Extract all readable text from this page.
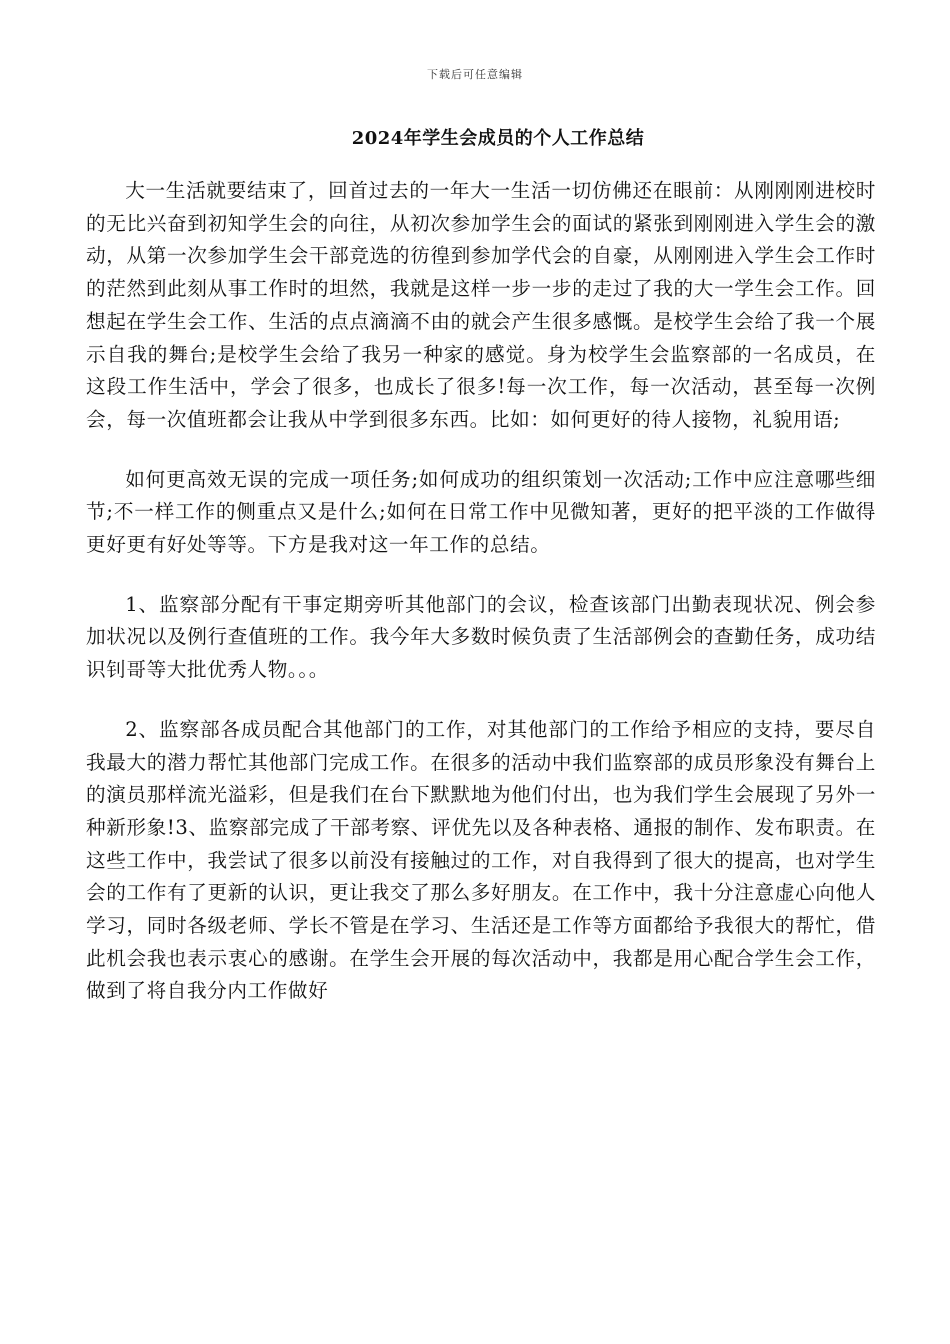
下载后可任意编辑
2024年学生会成员的个人工作总结

大一生活就要结束了，回首过去的一年大一生活一切仿佛还在眼前：从刚刚刚进校时的无比兴奋到初知学生会的向往，从初次参加学生会的面试的紧张到刚刚进入学生会的激动，从第一次参加学生会干部竞选的彷徨到参加学代会的自豪，从刚刚进入学生会工作时的茫然到此刻从事工作时的坦然，我就是这样一步一步的走过了我的大一学生会工作。回想起在学生会工作、生活的点点滴滴不由的就会产生很多感慨。是校学生会给了我一个展示自我的舞台;是校学生会给了我另一种家的感觉。身为校学生会监察部的一名成员，在这段工作生活中，学会了很多，也成长了很多!每一次工作，每一次活动，甚至每一次例会，每一次值班都会让我从中学到很多东西。比如：如何更好的待人接物，礼貌用语;

如何更高效无误的完成一项任务;如何成功的组织策划一次活动;工作中应注意哪些细节;不一样工作的侧重点又是什么;如何在日常工作中见微知著，更好的把平淡的工作做得更好更有好处等等。下方是我对这一年工作的总结。

1、监察部分配有干事定期旁听其他部门的会议，检查该部门出勤表现状况、例会参加状况以及例行查值班的工作。我今年大多数时候负责了生活部例会的查勤任务，成功结识钊哥等大批优秀人物。。。

2、监察部各成员配合其他部门的工作，对其他部门的工作给予相应的支持，要尽自我最大的潜力帮忙其他部门完成工作。在很多的活动中我们监察部的成员形象没有舞台上的演员那样流光溢彩，但是我们在台下默默地为他们付出，也为我们学生会展现了另外一种新形象!3、监察部完成了干部考察、评优先以及各种表格、通报的制作、发布职责。在这些工作中，我尝试了很多以前没有接触过的工作，对自我得到了很大的提高，也对学生会的工作有了更新的认识，更让我交了那么多好朋友。在工作中，我十分注意虚心向他人学习，同时各级老师、学长不管是在学习、生活还是工作等方面都给予我很大的帮忙，借此机会我也表示衷心的感谢。在学生会开展的每次活动中，我都是用心配合学生会工作，做到了将自我分内工作做好
